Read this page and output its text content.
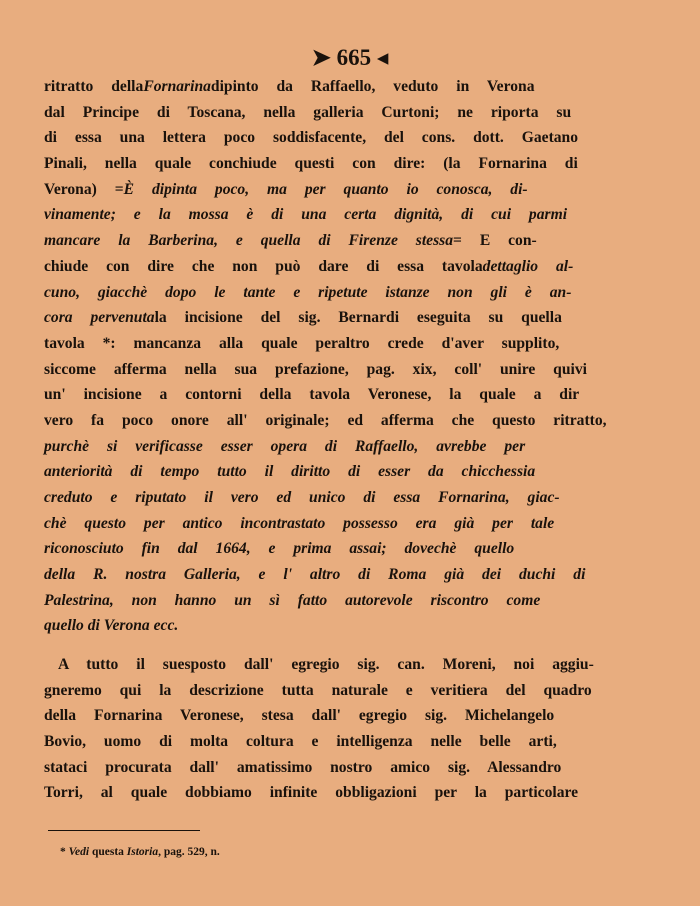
➤ 665 ◂
ritratto dellaFornarinadipinto da Raffaello, veduto in Verona
dal Principe di Toscana, nella galleria Curtoni; ne riporta su
di essa una lettera poco soddisfacente, del cons. dott. Gaetano
Pinali, nella quale conchiude questi con dire: (la Fornarina di
Verona) =È dipinta poco, ma per quanto io conosca, di-
vinamente; e la mossa è di una certa dignità, di cui parmi
mancare la Barberina, e quella di Firenze stessa= E con-
chiude con dire che non può dare di essa tavoladettaglio al-
cuno, giacchè dopo le tante e ripetute istanze non gli è an-
cora pervenutala incisione del sig. Bernardi eseguita su quella
tavola *: mancanza alla quale peraltro crede d'aver supplito,
siccome afferma nella sua prefazione, pag. xix, coll' unire quivi
un' incisione a contorni della tavola Veronese, la quale a dir
vero fa poco onore all' originale; ed afferma che questo ritratto,
purchè si verificasse esser opera di Raffaello, avrebbe per
anteriorità di tempo tutto il diritto di esser da chicchessia
creduto e riputato il vero ed unico di essa Fornarina, giac-
chè questo per antico incontrastato possesso era già per tale
riconosciuto fin dal 1664, e prima assai; dovechè quello
della R. nostra Galleria, e l' altro di Roma già dei duchi di
Palestrina, non hanno un sì fatto autorevole riscontro come
quello di Verona ecc.
A tutto il suesposto dall' egregio sig. can. Moreni, noi aggiu-
gneremo qui la descrizione tutta naturale e veritiera del quadro
della Fornarina Veronese, stesa dall' egregio sig. Michelangelo
Bovio, uomo di molta coltura e intelligenza nelle belle arti,
stataci procurata dall' amatissimo nostro amico sig. Alessandro
Torri, al quale dobbiamo infinite obbligazioni per la particolare
* Vedi questa Istoria, pag. 529, n.
